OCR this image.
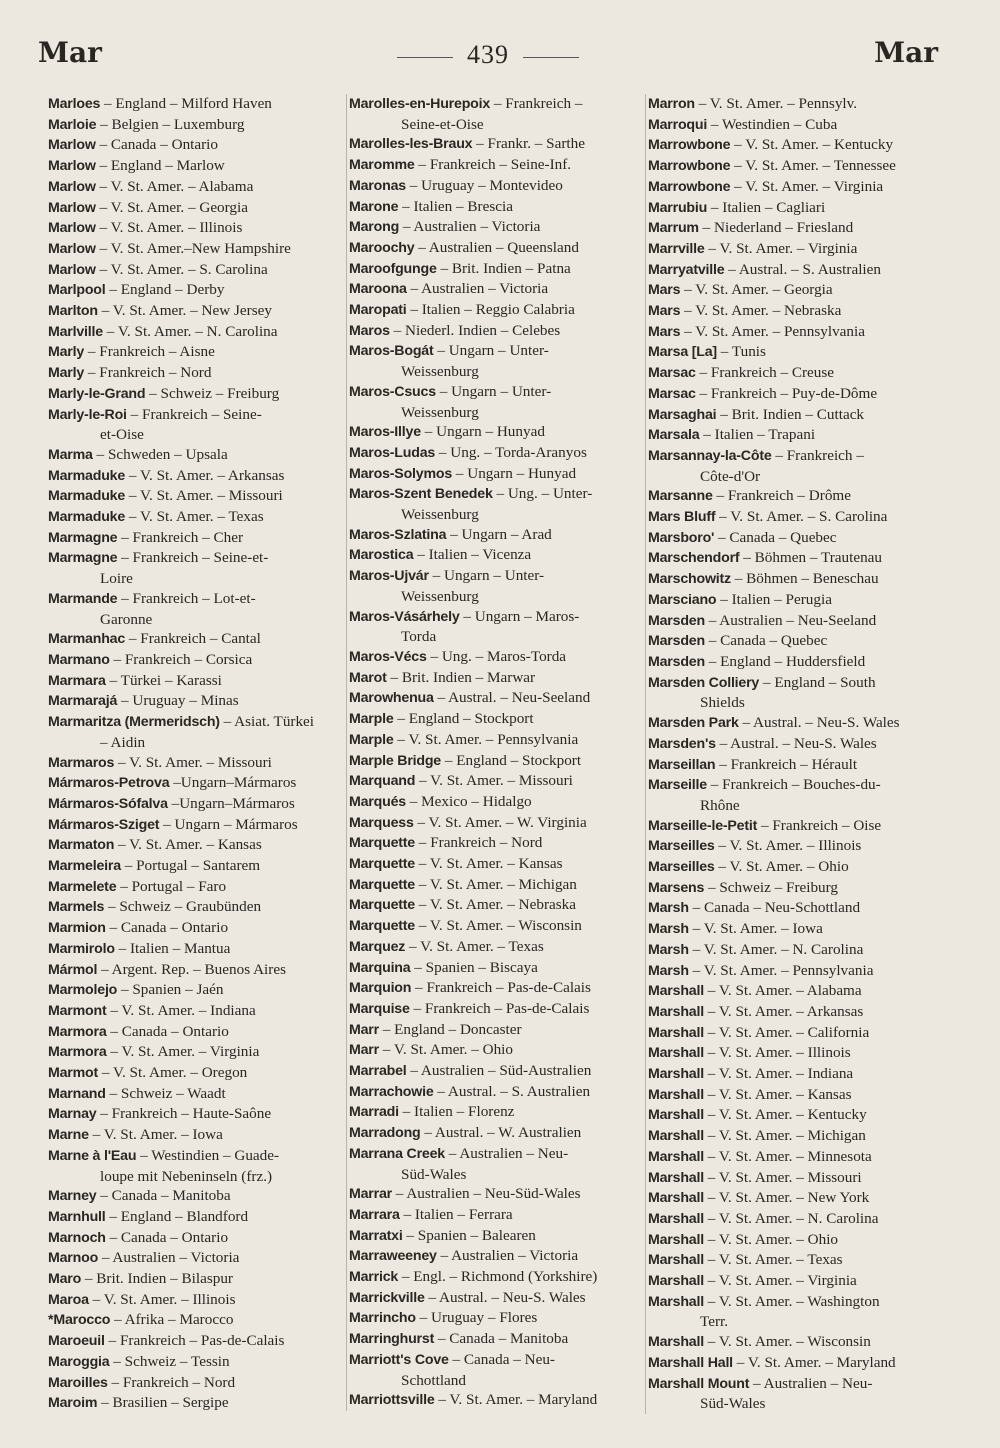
Mar	439	Mar
Marloes – England – Milford Haven
Marloie – Belgien – Luxemburg
Marlow – Canada – Ontario
Marlow – England – Marlow
Marlow – V. St. Amer. – Alabama
Marlow – V. St. Amer. – Georgia
Marlow – V. St. Amer. – Illinois
Marlow – V. St. Amer.–New Hampshire
Marlow – V. St. Amer. – S. Carolina
Marlpool – England – Derby
Marlton – V. St. Amer. – New Jersey
Marlville – V. St. Amer. – N. Carolina
Marly – Frankreich – Aisne
Marly – Frankreich – Nord
Marly-le-Grand – Schweiz – Freiburg
Marly-le-Roi – Frankreich – Seine-
et-Oise
Marma – Schweden – Upsala
Marmaduke – V. St. Amer. – Arkansas
Marmaduke – V. St. Amer. – Missouri
Marmaduke – V. St. Amer. – Texas
Marmagne – Frankreich – Cher
Marmagne – Frankreich – Seine-et-
Loire
Marmande – Frankreich – Lot-et-
Garonne
Marmanhac – Frankreich – Cantal
Marmano – Frankreich – Corsica
Marmara – Türkei – Karassi
Marmarajá – Uruguay – Minas
Marmaritza (Mermeridsch) – Asiat. Türkei
– Aidin
Marmaros – V. St. Amer. – Missouri
Mármaros-Petrova –Ungarn–Mármaros
Mármaros-Sófalva –Ungarn–Mármaros
Mármaros-Sziget – Ungarn – Mármaros
Marmaton – V. St. Amer. – Kansas
Marmeleira – Portugal – Santarem
Marmelete – Portugal – Faro
Marmels – Schweiz – Graubünden
Marmion – Canada – Ontario
Marmirolo – Italien – Mantua
Mármol – Argent. Rep. – Buenos Aires
Marmolejo – Spanien – Jaén
Marmont – V. St. Amer. – Indiana
Marmora – Canada – Ontario
Marmora – V. St. Amer. – Virginia
Marmot – V. St. Amer. – Oregon
Marnand – Schweiz – Waadt
Marnay – Frankreich – Haute-Saône
Marne – V. St. Amer. – Iowa
Marne à l'Eau – Westindien – Guade-
loupe mit Nebeninseln (frz.)
Marney – Canada – Manitoba
Marnhull – England – Blandford
Marnoch – Canada – Ontario
Marnoo – Australien – Victoria
Maro – Brit. Indien – Bilaspur
Maroa – V. St. Amer. – Illinois
*Marocco – Afrika – Marocco
Maroeuil – Frankreich – Pas-de-Calais
Maroggia – Schweiz – Tessin
Maroilles – Frankreich – Nord
Maroim – Brasilien – Sergipe
Marolles-en-Hurepoix – Frankreich –
Seine-et-Oise
Marolles-les-Braux – Frankr. – Sarthe
Maromme – Frankreich – Seine-Inf.
Maronas – Uruguay – Montevideo
Marone – Italien – Brescia
Marong – Australien – Victoria
Maroochy – Australien – Queensland
Maroofgunge – Brit. Indien – Patna
Maroona – Australien – Victoria
Maropati – Italien – Reggio Calabria
Maros – Niederl. Indien – Celebes
Maros-Bogát – Ungarn – Unter-
Weissenburg
Maros-Csucs – Ungarn – Unter-
Weissenburg
Maros-Illye – Ungarn – Hunyad
Maros-Ludas – Ung. – Torda-Aranyos
Maros-Solymos – Ungarn – Hunyad
Maros-Szent Benedek – Ung. – Unter-
Weissenburg
Maros-Szlatina – Ungarn – Arad
Marostica – Italien – Vicenza
Maros-Ujvár – Ungarn – Unter-
Weissenburg
Maros-Vásárhely – Ungarn – Maros-
Torda
Maros-Vécs – Ung. – Maros-Torda
Marot – Brit. Indien – Marwar
Marowhenua – Austral. – Neu-Seeland
Marple – England – Stockport
Marple – V. St. Amer. – Pennsylvania
Marple Bridge – England – Stockport
Marquand – V. St. Amer. – Missouri
Marqués – Mexico – Hidalgo
Marquess – V. St. Amer. – W. Virginia
Marquette – Frankreich – Nord
Marquette – V. St. Amer. – Kansas
Marquette – V. St. Amer. – Michigan
Marquette – V. St. Amer. – Nebraska
Marquette – V. St. Amer. – Wisconsin
Marquez – V. St. Amer. – Texas
Marquina – Spanien – Biscaya
Marquion – Frankreich – Pas-de-Calais
Marquise – Frankreich – Pas-de-Calais
Marr – England – Doncaster
Marr – V. St. Amer. – Ohio
Marrabel – Australien – Süd-Australien
Marrachowie – Austral. – S. Australien
Marradi – Italien – Florenz
Marradong – Austral. – W. Australien
Marrana Creek – Australien – Neu-
Süd-Wales
Marrar – Australien – Neu-Süd-Wales
Marrara – Italien – Ferrara
Marratxi – Spanien – Balearen
Marraweeney – Australien – Victoria
Marrick – Engl. – Richmond (Yorkshire)
Marrickville – Austral. – Neu-S. Wales
Marrincho – Uruguay – Flores
Marringhurst – Canada – Manitoba
Marriott's Cove – Canada – Neu-
Schottland
Marriottsville – V. St. Amer. – Maryland
Marron – V. St. Amer. – Pennsylv.
Marroqui – Westindien – Cuba
Marrowbone – V. St. Amer. – Kentucky
Marrowbone – V. St. Amer. – Tennessee
Marrowbone – V. St. Amer. – Virginia
Marrubiu – Italien – Cagliari
Marrum – Niederland – Friesland
Marrville – V. St. Amer. – Virginia
Marryatville – Austral. – S. Australien
Mars – V. St. Amer. – Georgia
Mars – V. St. Amer. – Nebraska
Mars – V. St. Amer. – Pennsylvania
Marsa [La] – Tunis
Marsac – Frankreich – Creuse
Marsac – Frankreich – Puy-de-Dôme
Marsaghai – Brit. Indien – Cuttack
Marsala – Italien – Trapani
Marsannay-la-Côte – Frankreich –
Côte-d'Or
Marsanne – Frankreich – Drôme
Mars Bluff – V. St. Amer. – S. Carolina
Marsboro' – Canada – Quebec
Marschendorf – Böhmen – Trautenau
Marschowitz – Böhmen – Beneschau
Marsciano – Italien – Perugia
Marsden – Australien – Neu-Seeland
Marsden – Canada – Quebec
Marsden – England – Huddersfield
Marsden Colliery – England – South
Shields
Marsden Park – Austral. – Neu-S. Wales
Marsden's – Austral. – Neu-S. Wales
Marseillan – Frankreich – Hérault
Marseille – Frankreich – Bouches-du-
Rhône
Marseille-le-Petit – Frankreich – Oise
Marseilles – V. St. Amer. – Illinois
Marseilles – V. St. Amer. – Ohio
Marsens – Schweiz – Freiburg
Marsh – Canada – Neu-Schottland
Marsh – V. St. Amer. – Iowa
Marsh – V. St. Amer. – N. Carolina
Marsh – V. St. Amer. – Pennsylvania
Marshall – V. St. Amer. – Alabama
Marshall – V. St. Amer. – Arkansas
Marshall – V. St. Amer. – California
Marshall – V. St. Amer. – Illinois
Marshall – V. St. Amer. – Indiana
Marshall – V. St. Amer. – Kansas
Marshall – V. St. Amer. – Kentucky
Marshall – V. St. Amer. – Michigan
Marshall – V. St. Amer. – Minnesota
Marshall – V. St. Amer. – Missouri
Marshall – V. St. Amer. – New York
Marshall – V. St. Amer. – N. Carolina
Marshall – V. St. Amer. – Ohio
Marshall – V. St. Amer. – Texas
Marshall – V. St. Amer. – Virginia
Marshall – V. St. Amer. – Washington
Terr.
Marshall – V. St. Amer. – Wisconsin
Marshall Hall – V. St. Amer. – Maryland
Marshall Mount – Australien – Neu-
Süd-Wales
